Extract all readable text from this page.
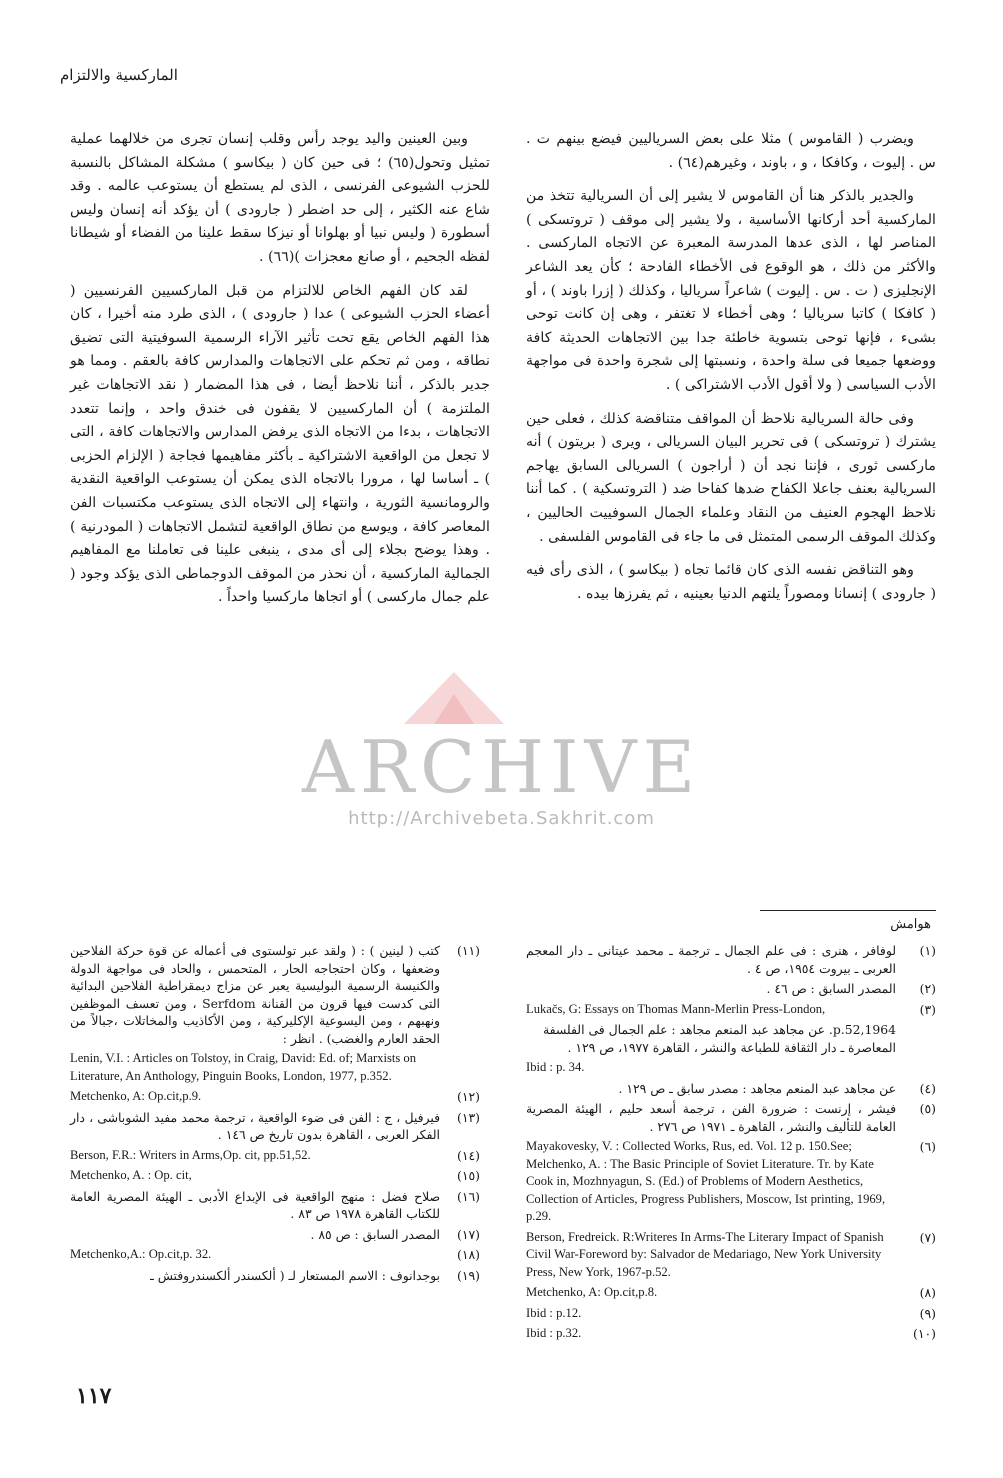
الماركسية والالتزام

ويضرب ( القاموس ) مثلا على بعض السرياليين فيضع بينهم ت . س . إليوت ، وكافكا ، و ، باوند ، وغيرهم(٦٤) .

والجدير بالذكر هنا أن القاموس لا يشير إلى أن السريالية تتخذ من الماركسية أحد أركانها الأساسية ، ولا يشير إلى موقف ( تروتسكى ) المناصر لها ، الذى عدها المدرسة المعبرة عن الاتجاه الماركسى . والأكثر من ذلك ، هو الوقوع فى الأخطاء الفادحة ؛ كأن يعد الشاعر الإنجليزى ( ت . س . إليوت ) شاعراً سرياليا ، وكذلك ( إزرا باوند ) ، أو ( كافكا ) كاتبا سرياليا ؛ وهى أخطاء لا تغتفر ، وهى إن كانت توحى بشىء ، فإنها توحى بتسوية خاطئة جدا بين الاتجاهات الحديثة كافة ووضعها جميعا فى سلة واحدة ، ونسبتها إلى شجرة واحدة فى مواجهة الأدب السياسى ( ولا أقول الأدب الاشتراكى ) .

وفى حالة السريالية نلاحظ أن المواقف متناقضة كذلك ، فعلى حين يشترك ( تروتسكى ) فى تحرير البيان السريالى ، ويرى ( بريتون ) أنه ماركسى ثورى ، فإننا نجد أن ( أراجون ) السريالى السابق يهاجم السريالية بعنف جاعلا الكفاح ضدها كفاحا ضد ( التروتسكية ) . كما أننا نلاحظ الهجوم العنيف من النقاد وعلماء الجمال السوفييت الحاليين ، وكذلك الموقف الرسمى المتمثل فى ما جاء فى القاموس الفلسفى .

وهو التناقض نفسه الذى كان قائما تجاه ( بيكاسو ) ، الذى رأى فيه ( جارودى ) إنسانا ومصوراً يلتهم الدنيا بعينيه ، ثم يفرزها بيده .

وبين العينين واليد يوجد رأس وقلب إنسان تجرى من خلالهما عملية تمثيل وتحول(٦٥) ؛ فى حين كان ( بيكاسو ) مشكلة المشاكل بالنسبة للحزب الشيوعى الفرنسى ، الذى لم يستطع أن يستوعب عالمه . وقد شاع عنه الكثير ، إلى حد اضطر ( جارودى ) أن يؤكد أنه إنسان وليس أسطورة ( وليس نبيا أو بهلوانا أو نيزكا سقط علينا من الفضاء أو شيطانا لفظه الجحيم ، أو صانع معجزات )(٦٦) .

لقد كان الفهم الخاص للالتزام من قبل الماركسيين الفرنسيين ( أعضاء الحزب الشيوعى ) عدا ( جارودى ) ، الذى طرد منه أخيرا ، كان هذا الفهم الخاص يقع تحت تأثير الآراء الرسمية السوفيتية التى تضيق نطاقه ، ومن ثم تحكم على الاتجاهات والمدارس كافة بالعقم . ومما هو جدير بالذكر ، أننا نلاحظ أيضا ، فى هذا المضمار ( نقد الاتجاهات غير الملتزمة ) أن الماركسيين لا يقفون فى خندق واحد ، وإنما تتعدد الاتجاهات ، بدءا من الاتجاه الذى يرفض المدارس والاتجاهات كافة ، التى لا تجعل من الواقعية الاشتراكية ـ بأكثر مفاهيمها فجاجة ( الإلزام الحزبى ) ـ أساسا لها ، مرورا بالاتجاه الذى يمكن أن يستوعب الواقعية النقدية والرومانسية الثورية ، وانتهاء إلى الاتجاه الذى يستوعب مكتسبات الفن المعاصر كافة ، ويوسع من نطاق الواقعية لتشمل الاتجاهات ( المودرنية ) . وهذا يوضح بجلاء إلى أى مدى ، ينبغى علينا فى تعاملنا مع المفاهيم الجمالية الماركسية ، أن نحذر من الموقف الدوجماطى الذى يؤكد وجود ( علم جمال ماركسى ) أو اتجاها ماركسيا واحداً .

ARCHIVE
http://Archivebeta.Sakhrit.com
هوامش
(١)
لوفافر ، هنرى : فى علم الجمال ـ ترجمة ـ محمد عيتانى ـ دار المعجم العربى ـ بيروت ١٩٥٤، ص ٤ .
(٢)
المصدر السابق : ص ٤٦ .
(٣)
Lukačs, G: Essays on Thomas Mann-Merlin Press-London,
1964,p.52. عن مجاهد عبد المنعم مجاهد : علم الجمال فى الفلسفة المعاصرة ـ دار الثقافة للطباعة والنشر ، القاهرة ١٩٧٧، ص ١٢٩ .
Ibid : p. 34.
(٤)
عن مجاهد عبد المنعم مجاهد : مصدر سابق ـ ص ١٢٩ .
(٥)
فيشر ، إرنست : ضرورة الفن ، ترجمة أسعد حليم ، الهيئة المصرية العامة للتأليف والنشر ، القاهرة ـ ١٩٧١ ص ٢٧٦ .
(٦)
Mayakovesky, V. : Collected Works, Rus, ed. Vol. 12 p. 150.See; Melchenko, A. : The Basic Principle of Soviet Literature. Tr. by Kate Cook in, Mozhnyagun, S. (Ed.) of Problems of Modern Aesthetics, Collection of Articles, Progress Publishers, Moscow, Ist printing, 1969, p.29.
(٧)
Berson, Fredreick. R:Writeres In Arms-The Literary Impact of Spanish Civil War-Foreword by: Salvador de Medariago, New York University Press, New York, 1967-p.52.
(٨)
Metchenko, A: Op.cit,p.8.
(٩)
Ibid : p.12.
(١٠)
Ibid : p.32.
(١١)
كتب ( لينين ) : ( ولقد عبر تولستوى فى أعماله عن قوة حركة الفلاحين وضعفها ، وكان احتجاجه الحار ، المتحمس ، والحاد فى مواجهة الدولة والكنيسة الرسمية البوليسية يعبر عن مزاج ديمقراطية الفلاحين البدائية التى كدست فيها قرون من القنانة Serfdom ، ومن تعسف الموظفين ونهبهم ، ومن اليسوعية الإكليركية ، ومن الأكاذيب والمخاتلات ،جبالاً من الحقد العارم والغضب) . انظر :
Lenin, V.I. : Articles on Tolstoy, in Craig, David: Ed. of; Marxists on Literature, An Anthology, Pinguin Books, London, 1977, p.352.
(١٢)
Metchenko, A: Op.cit,p.9.
(١٣)
فيرفيل ، ج : الفن فى ضوء الواقعية ، ترجمة محمد مفيد الشوباشى ، دار الفكر العربى ، القاهرة بدون تاريخ ص ١٤٦ .
(١٤)
Berson, F.R.: Writers in Arms,Op. cit, pp.51,52.
(١٥)
Metchenko, A. : Op. cit,
(١٦)
صلاح فضل : منهج الواقعية فى الإبداع الأدبى ـ الهيئة المصرية العامة للكتاب القاهرة ١٩٧٨ ص ٨٣ .
(١٧)
المصدر السابق : ص ٨٥ .
(١٨)
Metchenko,A.: Op.cit,p. 32.
(١٩)
بوجدانوف : الاسم المستعار لـ ( ألكسندر ألكسندروفتش ـ
١١٧
